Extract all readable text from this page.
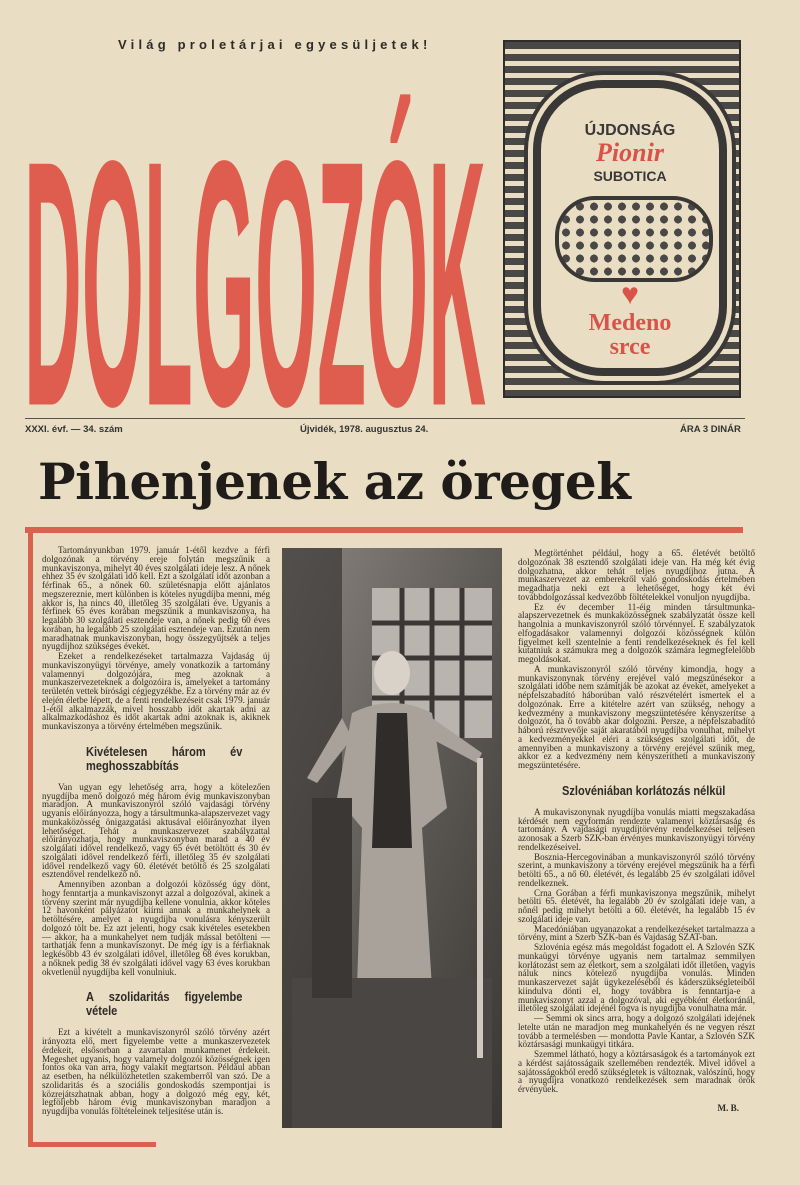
Világ proletárjai egyesüljetek!
DOLGOZÓK	ÚJDONSÁG
Pionir
SUBOTICA
♥
Medeno
srce
XXXI. évf. — 34. szám	Újvidék, 1978. augusztus 24.	ÁRA 3 DINÁR
Pihenjenek az öregek

Tartományunkban 1979. január 1-étől kezdve a férfi dolgozónak a törvény ereje folytán megszűnik a munkaviszonya, mihelyt 40 éves szolgálati ideje lesz. A nőnek ehhez 35 év szolgálati idő kell. Ezt a szolgálati időt azonban a férfinak 65., a nőnek 60. születésnapja előtt ajánlatos megszereznie, mert különben is köteles nyugdíjba menni, még akkor is, ha nincs 40, illetőleg 35 szolgálati éve. Ugyanis a férfinek 65 éves korában megszűnik a munkaviszonya, ha legalább 30 szolgálati esztendeje van, a nőnek pedig 60 éves korában, ha legalább 25 szolgálati esztendeje van. Ezután nem maradhatnak munkaviszonyban, hogy összegyűjtsék a teljes nyugdíjhoz szükséges éveket.

Ezeket a rendelkezéseket tartalmazza Vajdaság új munkaviszonyügyi törvénye, amely vonatkozik a tartomány valamennyi dolgozójára, meg azoknak a munkaszervezeteknek a dolgozóira is, amelyeket a tartomány területén vettek bírósági cégjegyzékbe. Ez a törvény már az év elején életbe lépett, de a fenti rendelkezéseit csak 1979. január 1-étől alkalmazzák, mivel hosszabb időt akartak adni az alkalmazkodáshoz és időt akartak adni azoknak is, akiknek munkaviszonya a törvény értelmében megszűnik.

Kivételesen három év meghosszabbítás

Van ugyan egy lehetőség arra, hogy a kötelezően nyugdíjba menő dolgozó még három évig munkaviszonyban maradjon. A munkaviszonyról szóló vajdasági törvény ugyanis előirányozza, hogy a társultmunka-alapszervezet vagy munkaközösség önigazgatási aktusával előirányozhat ilyen lehetőséget. Tehát a munkaszervezet szabályzattal előirányozhatja, hogy munkaviszonyban marad a 40 év szolgálati idővel rendelkező, vagy 65 évét betöltött és 30 év szolgálati idővel rendelkező férfi, illetőleg 35 év szolgálati idővel rendelkező vagy 60. életévét betöltő és 25 szolgálati esztendővel rendelkező nő.

Amennyiben azonban a dolgozói közösség úgy dönt, hogy fenntartja a munkaviszonyt azzal a dolgozóval, akinek a törvény szerint már nyugdíjba kellene vonulnia, akkor köteles 12 havonként pályázatot kiírni annak a munkahelynek a betöltésére, amelyet a nyugdíjba vonulásra kényszerült dolgozó tölt be. Ez azt jelenti, hogy csak kivételes esetekben — akkor, ha a munkahelyet nem tudják mással betölteni — tarthatják fenn a munkaviszonyt. De még így is a férfiaknak legkésőbb 43 év szolgálati idővel, illetőleg 68 éves korukban, a nőknek pedig 38 év szolgálati idővel vagy 63 éves korukban okvetlenül nyugdíjba kell vonulniuk.

A szolidaritás figyelembe vétele

Ezt a kivételt a munkaviszonyról szóló törvény azért irányozta elő, mert figyelembe vette a munkaszervezetek érdekeit, elsősorban a zavartalan munkamenet érdekeit. Megeshet ugyanis, hogy valamely dolgozói közösségnek igen fontos oka van arra, hogy valakit megtartson. Például abban az esetben, ha nélkülözhetetlen szakemberről van szó. De a szolidaritás és a szociális gondoskodás szempontjai is közrejátszhatnak abban, hogy a dolgozó még egy, két, legföljebb három évig munkaviszonyban maradjon a nyugdíjba vonulás föltételeinek teljesítése után is.

Megtörténhet például, hogy a 65. életévét betöltő dolgozónak 38 esztendő szolgálati ideje van. Ha még két évig dolgozhatna, akkor tehát teljes nyugdíjhoz jutna. A munkaszervezet az emberekről való gondoskodás értelmében megadhatja neki ezt a lehetőséget, hogy két évi továbbdolgozással kedvezőbb föltételekkel vonuljon nyugdíjba.

Ez év december 11-éig minden társultmunka-alapszervezetnek és munkaközösségnek szabályzatát össze kell hangolnia a munkaviszonyról szóló törvénnyel. E szabályzatok elfogadásakor valamennyi dolgozói közösségnek külön figyelmet kell szentelnie a fenti rendelkezéseknek és fel kell kutatniuk a számukra meg a dolgozók számára legmegfelelőbb megoldásokat.

A munkaviszonyról szóló törvény kimondja, hogy a munkaviszonynak törvény erejével való megszűnésekor a szolgálati időbe nem számítják be azokat az éveket, amelyeket a népfelszabadító háborúban való részvételért ismertek el a dolgozónak. Erre a kitételre azért van szükség, nehogy a kedvezmény a munkaviszony megszüntetésére kényszerítse a dolgozót, ha ő tovább akar dolgozni. Persze, a népfelszabadító háború résztvevője saját akaratából nyugdíjba vonulhat, mihelyt a kedvezményekkel eléri a szükséges szolgálati időt, de amennyiben a munkaviszony a törvény erejével szűnik meg, akkor ez a kedvezmény nem kényszerítheti a munkaviszony megszüntetésére.

Szlovéniában korlátozás nélkül

A mukaviszonynak nyugdíjba vonulás miatti megszakadása kérdését nem egyformán rendezte valamenyi köztársaság és tartomány. A vajdasági nyugdíjtörvény rendelkezései teljesen azonosak a Szerb SZK-ban érvényes munkaviszonyügyi törvény rendelkezéseivel.

Bosznia-Hercegovinában a munkaviszonyról szóló törvény szerint, a munkaviszony a törvény erejével megszűnik ha a férfi betölti 65., a nő 60. életévét, és legalább 25 év szolgálati idővel rendelkeznek.

Crna Gorában a férfi munkaviszonya megszűnik, mihelyt betölti 65. életévét, ha legalább 20 év szolgálati ideje van, a nőnél pedig mihelyt betölti a 60. életévét, ha legalább 15 év szolgálati ideje van.

Macedóniában ugyanazokat a rendelkezéseket tartalmazza a törvény, mint a Szerb SZK-ban és Vajdaság SZAT-ban.

Szlovénia egész más megoldást fogadott el. A Szlovén SZK munkaügyi törvénye ugyanis nem tartalmaz semmilyen korlátozást sem az életkort, sem a szolgálati időt illetően, vagyis náluk nincs kötelező nyugdíjba vonulás. Minden munkaszervezet saját ügykezeléséből és káderszükségleteiből kiindulva dönti el, hogy továbbra is fenntartja-e a munkaviszonyt azzal a dolgozóval, aki egyébként életkoránál, illetőleg szolgálati idejénél fogva is nyugdíjba vonulhatna már.

— Semmi ok sincs arra, hogy a dolgozó szolgálati idejének letelte után ne maradjon meg munkahelyén és ne vegyen részt tovább a termelésben — mondotta Pavle Kantar, a Szlovén SZK köztársasági munkaügyi titkára.

Szemmel látható, hogy a köztársaságok és a tartományok ezt a kérdést sajátosságaik szellemében rendezték. Mivel idővel a sajátosságokból eredő szükségletek is változnak, valószínű, hogy a nyugdíjra vonatkozó rendelkezések sem maradnak örök érvényűek.

M. B.
